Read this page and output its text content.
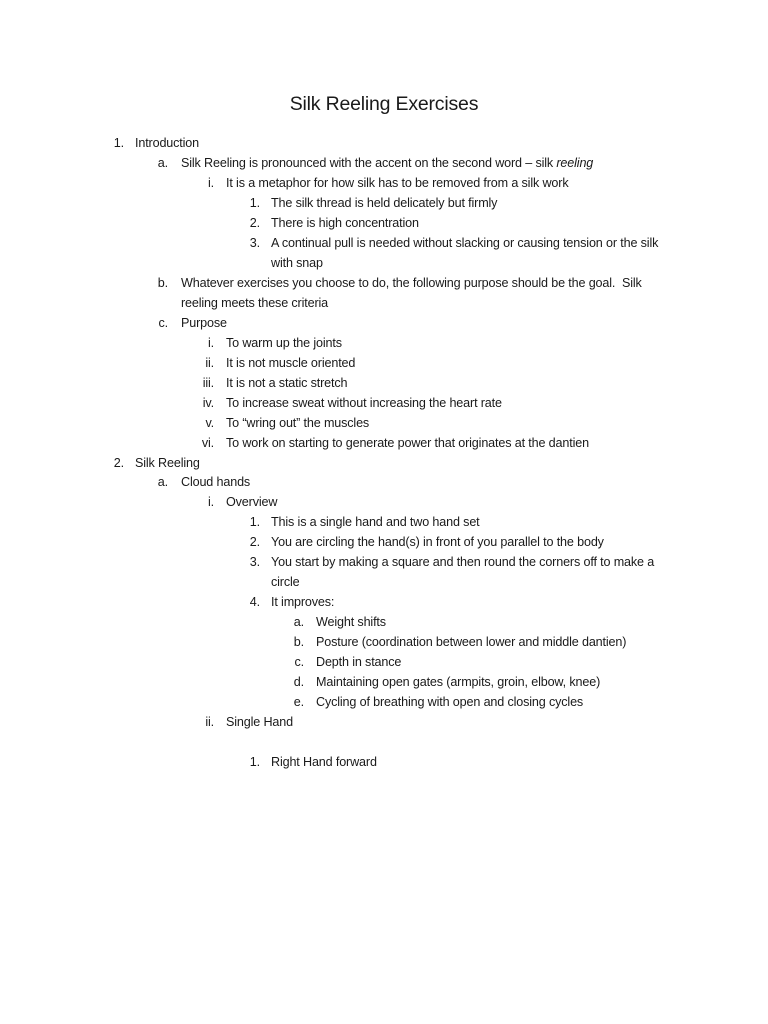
Silk Reeling Exercises
1. Introduction
a. Silk Reeling is pronounced with the accent on the second word – silk reeling
i. It is a metaphor for how silk has to be removed from a silk work
1. The silk thread is held delicately but firmly
2. There is high concentration
3. A continual pull is needed without slacking or causing tension or the silk
with snap
b. Whatever exercises you choose to do, the following purpose should be the goal.  Silk
reeling meets these criteria
c. Purpose
i. To warm up the joints
ii. It is not muscle oriented
iii. It is not a static stretch
iv. To increase sweat without increasing the heart rate
v. To “wring out” the muscles
vi. To work on starting to generate power that originates at the dantien
2. Silk Reeling
a. Cloud hands
i. Overview
1. This is a single hand and two hand set
2. You are circling the hand(s) in front of you parallel to the body
3. You start by making a square and then round the corners off to make a
circle
4. It improves:
a. Weight shifts
b. Posture (coordination between lower and middle dantien)
c. Depth in stance
d. Maintaining open gates (armpits, groin, elbow, knee)
e. Cycling of breathing with open and closing cycles
ii. Single Hand
1. Right Hand forward
